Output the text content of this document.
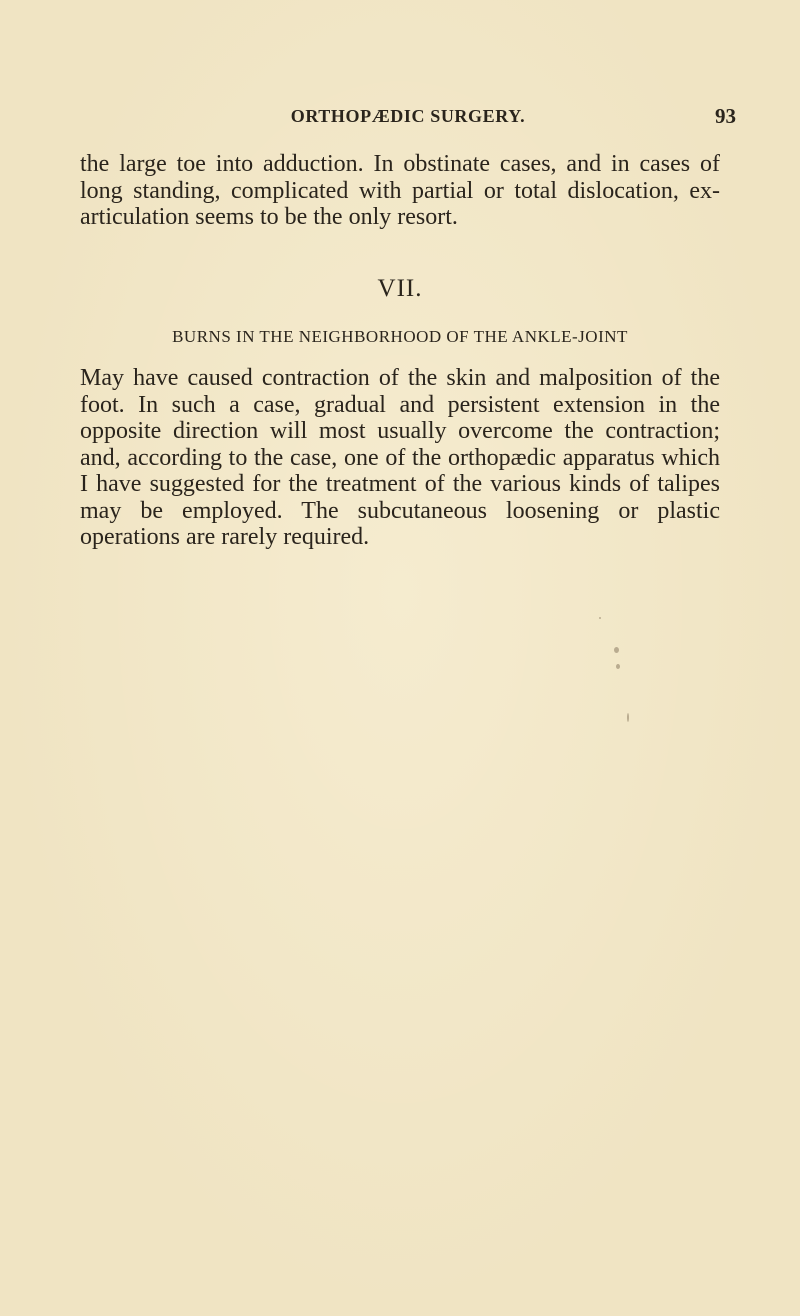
ORTHOPÆDIC SURGERY.	93

the large toe into adduction. In obstinate cases, and in cases of long standing, complicated with partial or total dislocation, ex-articulation seems to be the only resort.

VII.
BURNS IN THE NEIGHBORHOOD OF THE ANKLE-JOINT

May have caused contraction of the skin and malposition of the foot. In such a case, gradual and persistent extension in the opposite direction will most usually overcome the contraction; and, according to the case, one of the orthopædic apparatus which I have suggested for the treatment of the various kinds of talipes may be employed. The subcutaneous loosening or plastic operations are rarely required.
